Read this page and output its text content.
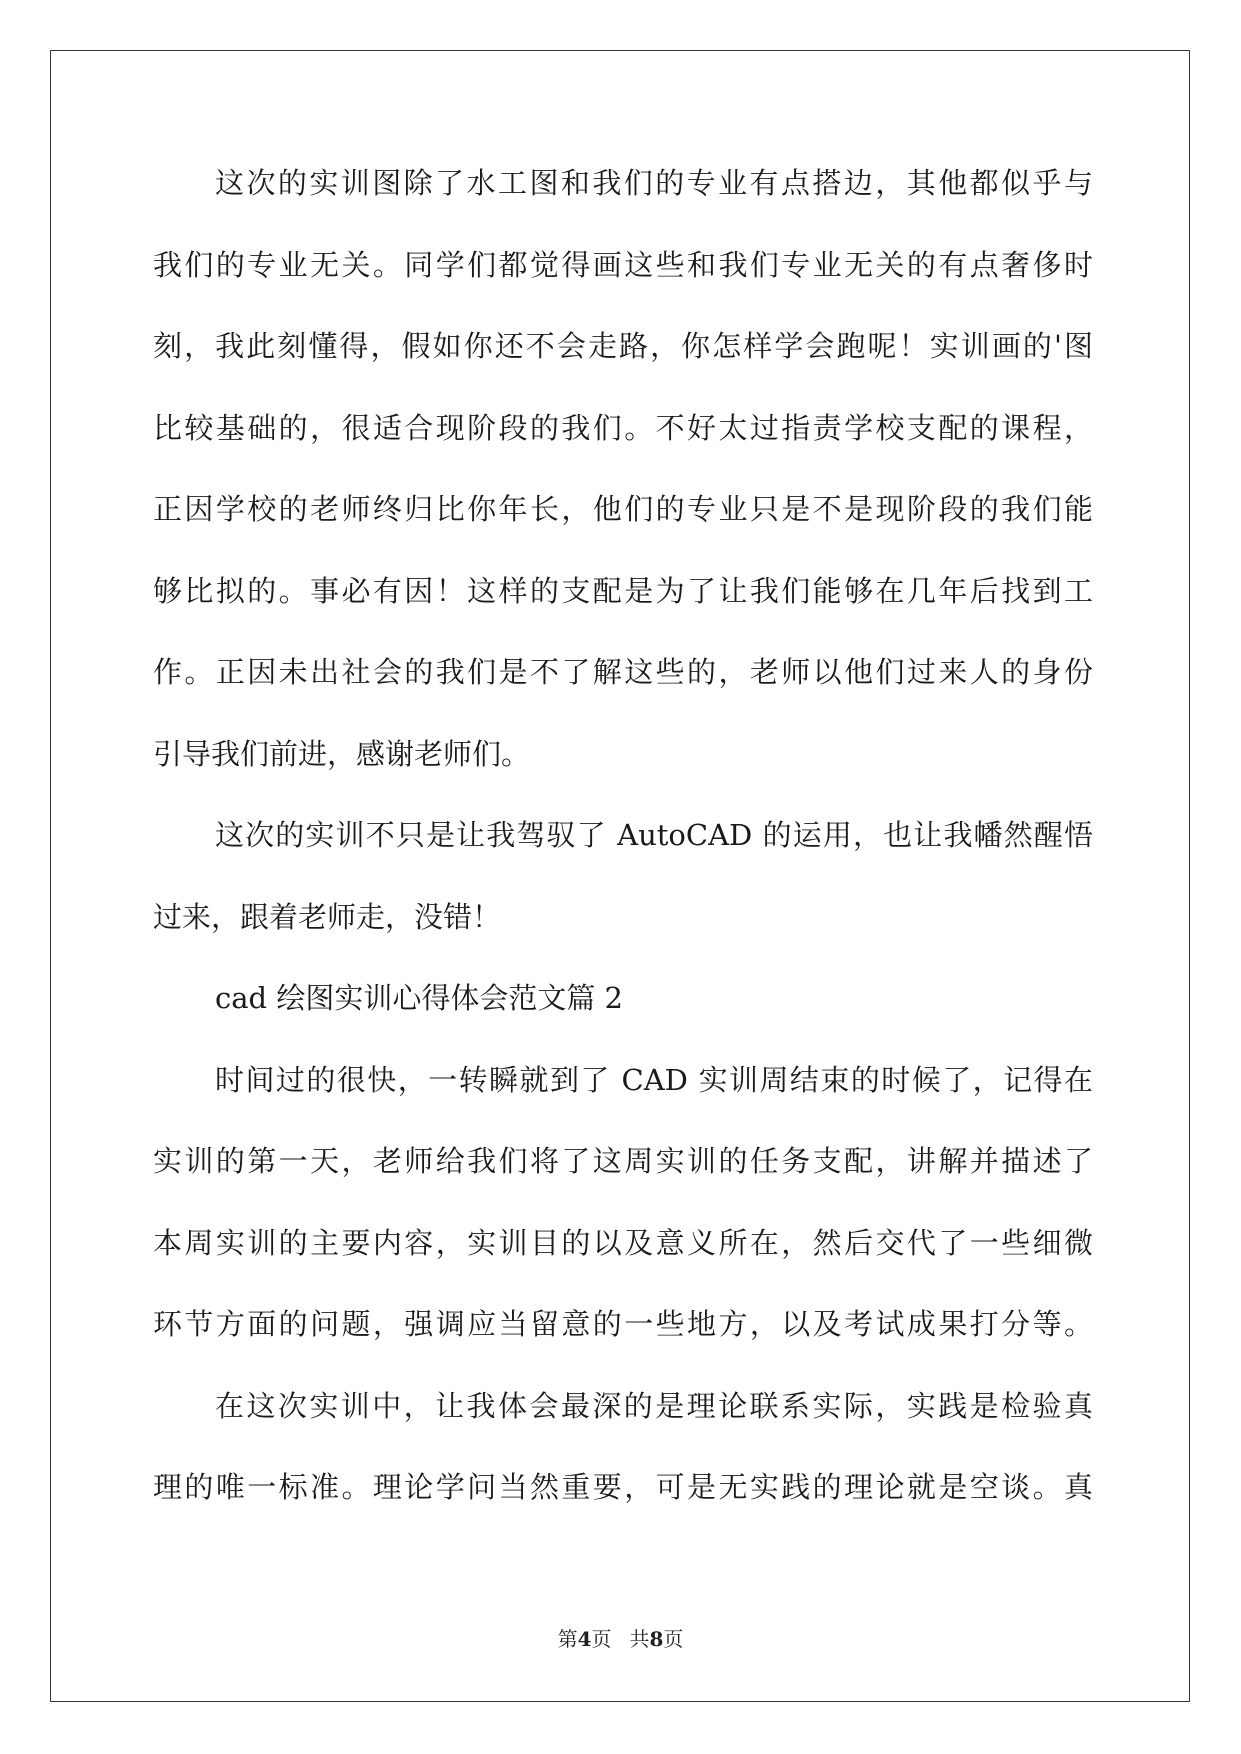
这次的实训图除了水工图和我们的专业有点搭边，其他都似乎与
我们的专业无关。同学们都觉得画这些和我们专业无关的有点奢侈时
刻，我此刻懂得，假如你还不会走路，你怎样学会跑呢！实训画的'图
比较基础的，很适合现阶段的我们。不好太过指责学校支配的课程，
正因学校的老师终归比你年长，他们的专业只是不是现阶段的我们能
够比拟的。事必有因！这样的支配是为了让我们能够在几年后找到工
作。正因未出社会的我们是不了解这些的，老师以他们过来人的身份
引导我们前进，感谢老师们。
这次的实训不只是让我驾驭了 AutoCAD 的运用，也让我幡然醒悟
过来，跟着老师走，没错！
cad 绘图实训心得体会范文篇 2
时间过的很快，一转瞬就到了 CAD 实训周结束的时候了，记得在
实训的第一天，老师给我们将了这周实训的任务支配，讲解并描述了
本周实训的主要内容，实训目的以及意义所在，然后交代了一些细微
环节方面的问题，强调应当留意的一些地方，以及考试成果打分等。
在这次实训中，让我体会最深的是理论联系实际，实践是检验真
理的唯一标准。理论学问当然重要，可是无实践的理论就是空谈。真
第4页 共8页
